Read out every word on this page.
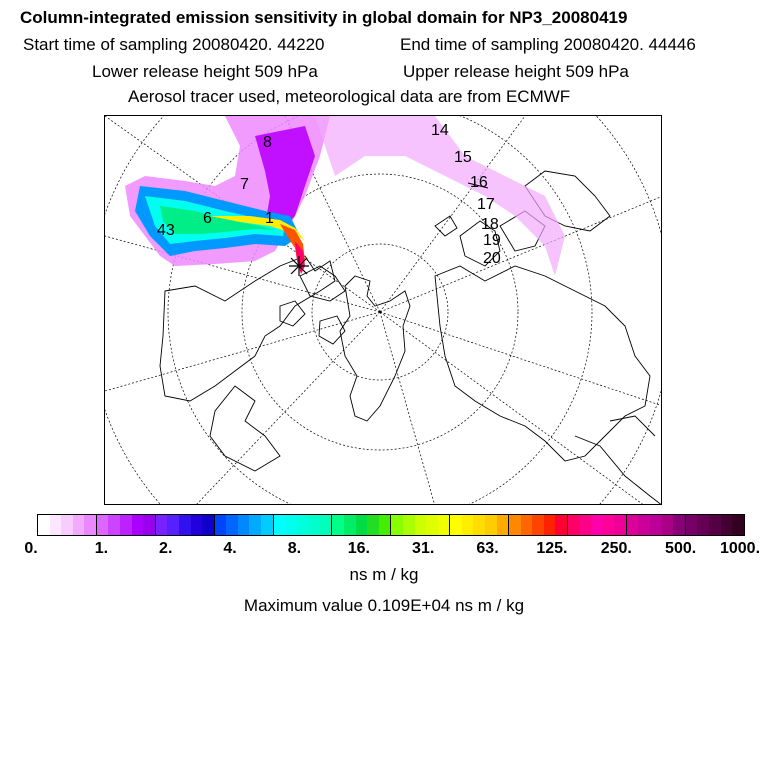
Column-integrated emission sensitivity in global domain for NP3_20080419
Start time of sampling 20080420. 44220	End time of sampling 20080420. 44446
Lower release height 509 hPa	Upper release height 509 hPa
Aerosol tracer used, meteorological data are from ECMWF
14
15
16
17
18
19
20
8
7
6
43
1
0.	1.	2.	4.	8.	16.	31.	63. 125. 250. 500. 1000.
ns m / kg
Maximum value 0.109E+04 ns m / kg
